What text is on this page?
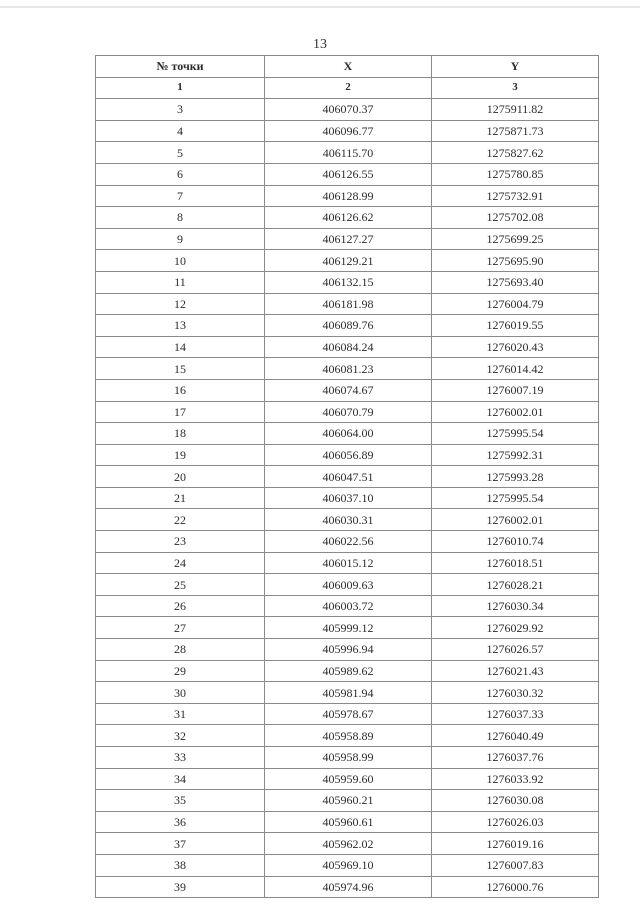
13
№ точки	X	Y
1	2	3
3	406070.37	1275911.82
4	406096.77	1275871.73
5	406115.70	1275827.62
6	406126.55	1275780.85
7	406128.99	1275732.91
8	406126.62	1275702.08
9	406127.27	1275699.25
10	406129.21	1275695.90
11	406132.15	1275693.40
12	406181.98	1276004.79
13	406089.76	1276019.55
14	406084.24	1276020.43
15	406081.23	1276014.42
16	406074.67	1276007.19
17	406070.79	1276002.01
18	406064.00	1275995.54
19	406056.89	1275992.31
20	406047.51	1275993.28
21	406037.10	1275995.54
22	406030.31	1276002.01
23	406022.56	1276010.74
24	406015.12	1276018.51
25	406009.63	1276028.21
26	406003.72	1276030.34
27	405999.12	1276029.92
28	405996.94	1276026.57
29	405989.62	1276021.43
30	405981.94	1276030.32
31	405978.67	1276037.33
32	405958.89	1276040.49
33	405958.99	1276037.76
34	405959.60	1276033.92
35	405960.21	1276030.08
36	405960.61	1276026.03
37	405962.02	1276019.16
38	405969.10	1276007.83
39	405974.96	1276000.76
